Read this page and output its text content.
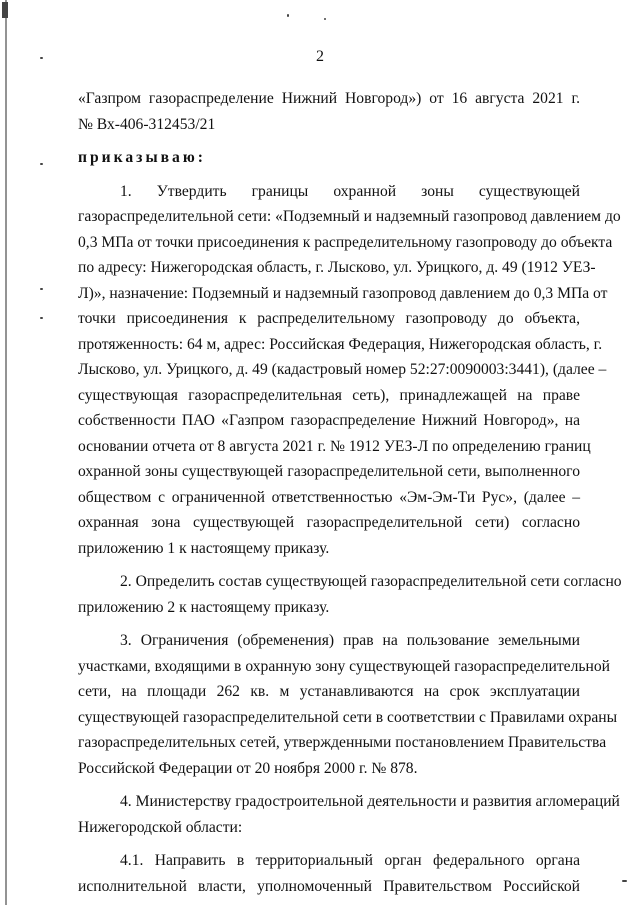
2
«Газпром газораспределение Нижний Новгород») от 16 августа 2021 г.
№ Вх-406-312453/21
приказываю:
1. Утвердить границы охранной зоны существующей
газораспределительной сети: «Подземный и надземный газопровод давлением до
0,3 МПа от точки присоединения к распределительному газопроводу до объекта
по адресу: Нижегородская область, г. Лысково, ул. Урицкого, д. 49 (1912 УЕЗ-
Л)», назначение: Подземный и надземный газопровод давлением до 0,3 МПа от
точки присоединения к распределительному газопроводу до объекта,
протяженность: 64 м, адрес: Российская Федерация, Нижегородская область, г.
Лысково, ул. Урицкого, д. 49 (кадастровый номер 52:27:0090003:3441), (далее –
существующая газораспределительная сеть), принадлежащей на праве
собственности ПАО «Газпром газораспределение Нижний Новгород», на
основании отчета от 8 августа 2021 г. № 1912 УЕЗ-Л по определению границ
охранной зоны существующей газораспределительной сети, выполненного
обществом с ограниченной ответственностью «Эм-Эм-Ти Рус», (далее –
охранная зона существующей газораспределительной сети) согласно
приложению 1 к настоящему приказу.
2. Определить состав существующей газораспределительной сети согласно
приложению 2 к настоящему приказу.
3. Ограничения (обременения) прав на пользование земельными
участками, входящими в охранную зону существующей газораспределительной
сети, на площади 262 кв. м устанавливаются на срок эксплуатации
существующей газораспределительной сети в соответствии с Правилами охраны
газораспределительных сетей, утвержденными постановлением Правительства
Российской Федерации от 20 ноября 2000 г. № 878.
4. Министерству градостроительной деятельности и развития агломераций
Нижегородской области:
4.1. Направить в территориальный орган федерального органа
исполнительной власти, уполномоченный Правительством Российской
